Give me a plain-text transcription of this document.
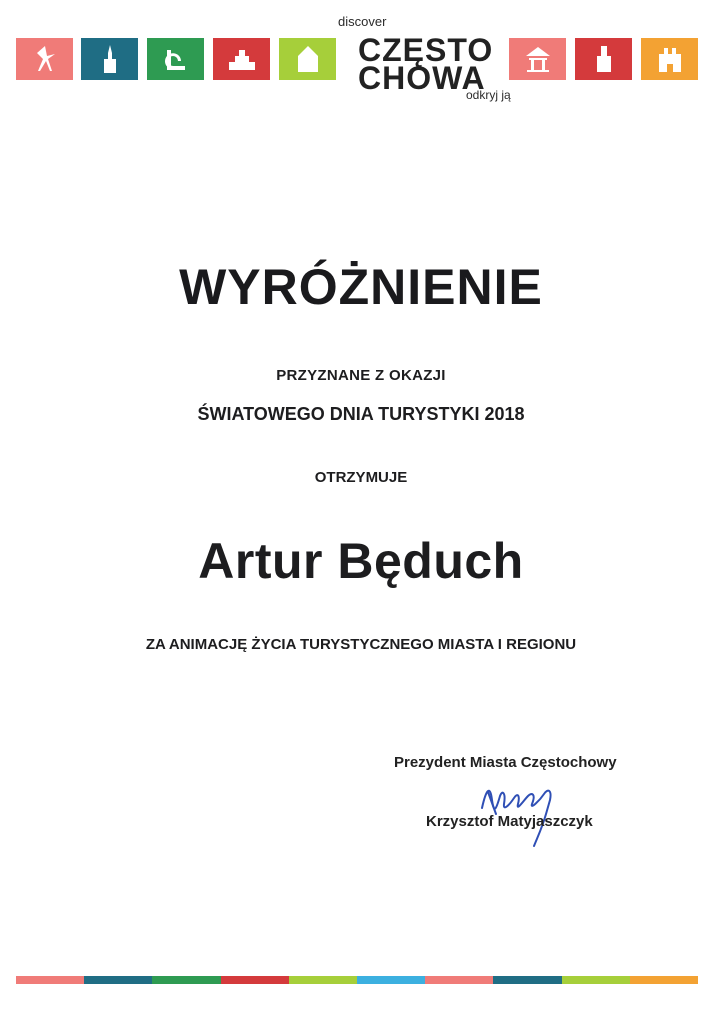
discover
CZĘSTO
CHOWA
odkryj ją
WYRÓŻNIENIE
PRZYZNANE Z OKAZJI
ŚWIATOWEGO DNIA TURYSTYKI 2018
OTRZYMUJE
Artur Będuch
ZA ANIMACJĘ ŻYCIA TURYSTYCZNEGO MIASTA I REGIONU
Prezydent Miasta Częstochowy
Krzysztof Matyjaszczyk
